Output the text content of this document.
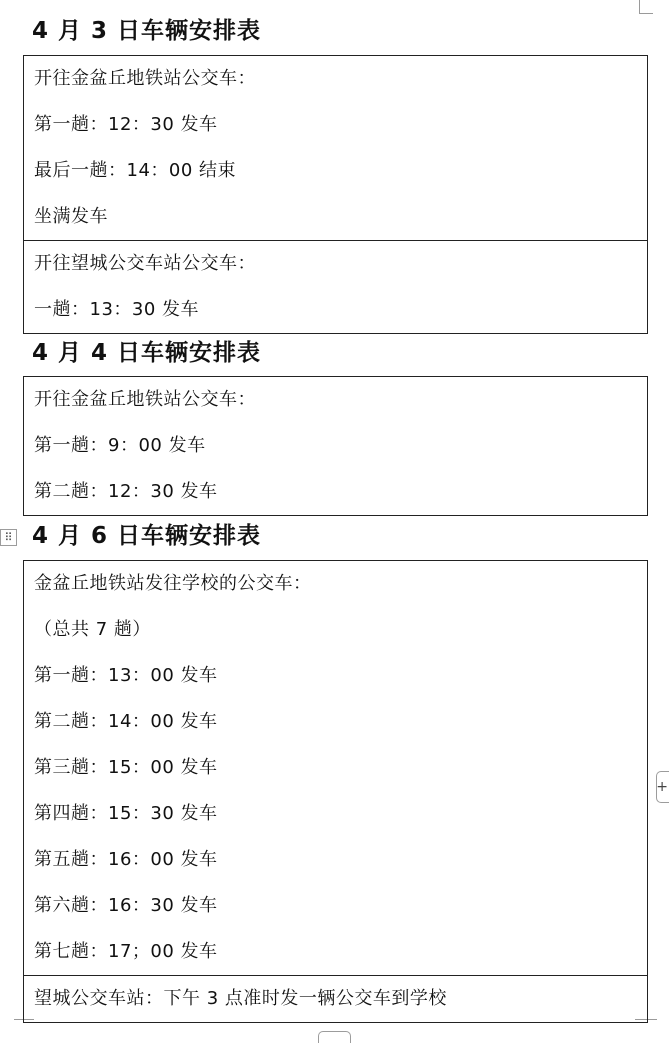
4 月 3 日车辆安排表
开往金盆丘地铁站公交车：
第一趟：12：30 发车
最后一趟：14：00 结束
坐满发车
开往望城公交车站公交车：
一趟：13：30 发车
4 月 4 日车辆安排表
开往金盆丘地铁站公交车：
第一趟：9：00 发车
第二趟：12：30 发车
4 月 6 日车辆安排表
金盆丘地铁站发往学校的公交车：
（总共 7 趟）
第一趟：13：00 发车
第二趟：14：00 发车
第三趟：15：00 发车
第四趟：15：30 发车
第五趟：16：00 发车
第六趟：16：30 发车
第七趟：17；00 发车
望城公交车站：下午 3 点准时发一辆公交车到学校
⠿
+
